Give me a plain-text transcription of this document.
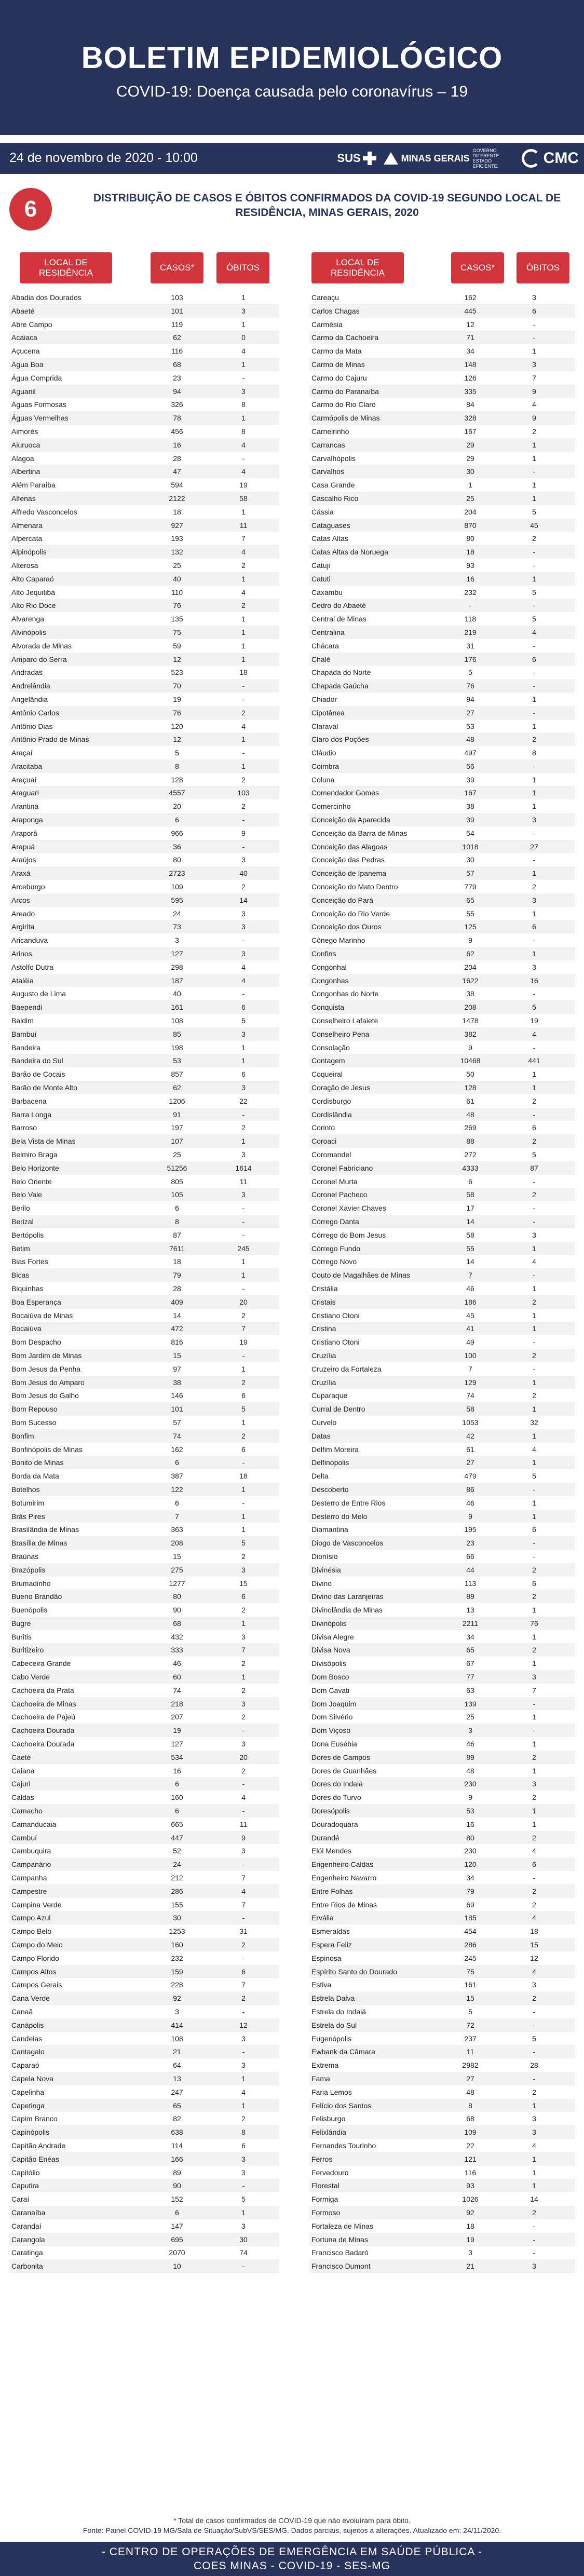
BOLETIM EPIDEMIOLÓGICO
COVID-19: Doença causada pelo coronavírus – 19
24 de novembro de 2020 - 10:00	SUS	MINAS GERAIS
GOVERNO DIFERENTE. ESTADO EFICIENTE.	CMC
6	DISTRIBUIÇÃO DE CASOS E ÓBITOS CONFIRMADOS DA COVID-19 SEGUNDO LOCAL DE RESIDÊNCIA, MINAS GERAIS, 2020
LOCAL DE RESIDÊNCIA
CASOS*	ÓBITOS
LOCAL DE RESIDÊNCIA
CASOS*	ÓBITOS
Abadia dos Dourados	103	1
Abaeté	101	3
Abre Campo	119	1
Acaiaca	62	0
Açucena	116	4
Água Boa	68	1
Água Comprida	23	-
Aguanil	94	3
Águas Formosas	326	8
Águas Vermelhas	78	1
Aimorés	456	8
Aiuruoca	16	4
Alagoa	28	-
Albertina	47	4
Além Paraíba	594	19
Alfenas	2122	58
Alfredo Vasconcelos	18	1
Almenara	927	11
Alpercata	193	7
Alpinópolis	132	4
Alterosa	25	2
Alto Caparaó	40	1
Alto Jequitibá	110	4
Alto Rio Doce	76	2
Alvarenga	135	1
Alvinópolis	75	1
Alvorada de Minas	59	1
Amparo do Serra	12	1
Andradas	523	18
Andrelândia	70	-
Angelândia	19	-
Antônio Carlos	76	2
Antônio Dias	120	4
Antônio Prado de Minas	12	1
Araçaí	5	-
Aracitaba	8	1
Araçuaí	128	2
Araguari	4557	103
Arantina	20	2
Araponga	6	-
Araporã	966	9
Arapuá	36	-
Araújos	80	3
Araxá	2723	40
Arceburgo	109	2
Arcos	595	14
Areado	24	3
Argirita	73	3
Aricanduva	3	-
Arinos	127	3
Astolfo Dutra	298	4
Ataléia	187	4
Augusto de Lima	40	-
Baependi	161	6
Baldim	108	5
Bambuí	85	3
Bandeira	198	1
Bandeira do Sul	53	1
Barão de Cocais	857	6
Barão de Monte Alto	62	3
Barbacena	1206	22
Barra Longa	91	-
Barroso	197	2
Bela Vista de Minas	107	1
Belmiro Braga	25	3
Belo Horizonte	51256	1614
Belo Oriente	805	11
Belo Vale	105	3
Berilo	6	-
Berizal	8	-
Bertópolis	87	-
Betim	7611	245
Bias Fortes	18	1
Bicas	79	1
Biquinhas	28	-
Boa Esperança	409	20
Bocaiúva de Minas	14	2
Bocaiúva	472	7
Bom Despacho	816	19
Bom Jardim de Minas	15	-
Bom Jesus da Penha	97	1
Bom Jesus do Amparo	38	2
Bom Jesus do Galho	146	6
Bom Repouso	101	5
Bom Sucesso	57	1
Bonfim	74	2
Bonfinópolis de Minas	162	6
Bonito de Minas	6	-
Borda da Mata	387	18
Botelhos	122	1
Botumirim	6	-
Brás Pires	7	1
Brasilândia de Minas	363	1
Brasília de Minas	208	5
Braúnas	15	2
Brazópolis	275	3
Brumadinho	1277	15
Bueno Brandão	80	6
Buenópolis	90	2
Bugre	68	1
Buritis	432	3
Buritizeiro	333	7
Cabeceira Grande	46	2
Cabo Verde	60	1
Cachoeira da Prata	74	2
Cachoeira de Minas	218	3
Cachoeira de Pajeú	207	2
Cachoeira Dourada	19	-
Cachoeira Dourada	127	3
Caeté	534	20
Caiana	16	2
Cajuri	6	-
Caldas	160	4
Camacho	6	-
Camanducaia	665	11
Cambuí	447	9
Cambuquira	52	3
Campanário	24	-
Campanha	212	7
Campestre	286	4
Campina Verde	155	7
Campo Azul	30	-
Campo Belo	1253	31
Campo do Meio	160	2
Campo Florido	232	-
Campos Altos	159	6
Campos Gerais	228	7
Cana Verde	92	2
Canaã	3	-
Canápolis	414	12
Candeias	108	3
Cantagalo	21	-
Caparaó	64	3
Capela Nova	13	1
Capelinha	247	4
Capetinga	65	1
Capim Branco	82	2
Capinópolis	638	8
Capitão Andrade	114	6
Capitão Enéas	166	3
Capitólio	89	3
Caputira	90	-
Caraí	152	5
Caranaíba	6	1
Carandaí	147	3
Carangola	695	30
Caratinga	2070	74
Carbonita	10	-
Careaçu	162	3
Carlos Chagas	445	6
Carmésia	12	-
Carmo da Cachoeira	71	-
Carmo da Mata	34	1
Carmo de Minas	148	3
Carmo do Cajuru	126	7
Carmo do Paranaíba	335	9
Carmo do Rio Claro	84	4
Carmópolis de Minas	328	9
Carneirinho	167	2
Carrancas	29	1
Carvalhópolis	29	1
Carvalhos	30	-
Casa Grande	1	1
Cascalho Rico	25	1
Cássia	204	5
Cataguases	870	45
Catas Altas	80	2
Catas Altas da Noruega	18	-
Catuji	93	-
Catuti	16	1
Caxambu	232	5
Cedro do Abaeté	-	-
Central de Minas	118	5
Centralina	219	4
Chácara	31	-
Chalé	176	6
Chapada do Norte	5	-
Chapada Gaúcha	76	-
Chiador	94	1
Cipotânea	27	-
Claraval	53	1
Claro dos Poções	48	2
Cláudio	497	8
Coimbra	56	-
Coluna	39	1
Comendador Gomes	167	1
Comercinho	38	1
Conceição da Aparecida	39	3
Conceição da Barra de Minas	54	-
Conceição das Alagoas	1018	27
Conceição das Pedras	30	-
Conceição de Ipanema	57	1
Conceição do Mato Dentro	779	2
Conceição do Pará	65	3
Conceição do Rio Verde	55	1
Conceição dos Ouros	125	6
Cônego Marinho	9	-
Confins	62	1
Congonhal	204	3
Congonhas	1622	16
Congonhas do Norte	38	-
Conquista	208	5
Conselheiro Lafaiete	1478	19
Conselheiro Pena	382	4
Consolação	9	-
Contagem	10468	441
Coqueiral	50	1
Coração de Jesus	128	1
Cordisburgo	61	2
Cordislândia	48	-
Corinto	269	6
Coroaci	88	2
Coromandel	272	5
Coronel Fabriciano	4333	87
Coronel Murta	6	-
Coronel Pacheco	58	2
Coronel Xavier Chaves	17	-
Córrego Danta	14	-
Córrego do Bom Jesus	58	3
Córrego Fundo	55	1
Córrego Novo	14	4
Couto de Magalhães de Minas	7	-
Cristália	46	1
Cristais	186	2
Cristiano Otoni	45	1
Cristina	41	1
Cristiano Otoni	49	-
Cruzília	100	2
Cruzeiro da Fortaleza	7	-
Cruzília	129	1
Cuparaque	74	2
Curral de Dentro	58	1
Curvelo	1053	32
Datas	42	1
Delfim Moreira	61	4
Delfinópolis	27	1
Delta	479	5
Descoberto	86	-
Desterro de Entre Rios	46	1
Desterro do Melo	9	1
Diamantina	195	6
Diogo de Vasconcelos	23	-
Dionísio	66	-
Divinésia	44	2
Divino	113	6
Divino das Laranjeiras	89	2
Divinolândia de Minas	13	1
Divinópolis	2211	76
Divisa Alegre	34	1
Divisa Nova	65	2
Divisópolis	67	1
Dom Bosco	77	3
Dom Cavati	63	7
Dom Joaquim	139	-
Dom Silvério	25	1
Dom Viçoso	3	-
Dona Eusébia	46	1
Dores de Campos	89	2
Dores de Guanhães	48	1
Dores do Indaiá	230	3
Dores do Turvo	9	2
Doresópolis	53	1
Douradoquara	16	1
Durandé	80	2
Elói Mendes	230	4
Engenheiro Caldas	120	6
Engenheiro Navarro	34	-
Entre Folhas	79	2
Entre Rios de Minas	69	2
Ervália	185	4
Esmeraldas	454	18
Espera Feliz	286	15
Espinosa	245	12
Espírito Santo do Dourado	75	4
Estiva	161	3
Estrela Dalva	15	2
Estrela do Indaiá	5	-
Estrela do Sul	72	-
Eugenópolis	237	5
Ewbank da Câmara	11	-
Extrema	2982	28
Fama	27	-
Faria Lemos	48	2
Felício dos Santos	8	1
Felisburgo	68	3
Felixlândia	109	3
Fernandes Tourinho	22	4
Ferros	121	1
Fervedouro	116	1
Florestal	93	1
Formiga	1026	14
Formoso	92	2
Fortaleza de Minas	18	-
Fortuna de Minas	19	-
Francisco Badaró	3	-
Francisco Dumont	21	3
* Total de casos confirmados de COVID-19 que não evoluíram para óbito.
Fonte: Painel COVID-19 MG/Sala de Situação/SubVS/SES/MG. Dados parciais, sujeitos a alterações. Atualizado em: 24/11/2020.
- CENTRO DE OPERAÇÕES DE EMERGÊNCIA EM SAÚDE PÚBLICA -
COES MINAS - COVID-19 - SES-MG
